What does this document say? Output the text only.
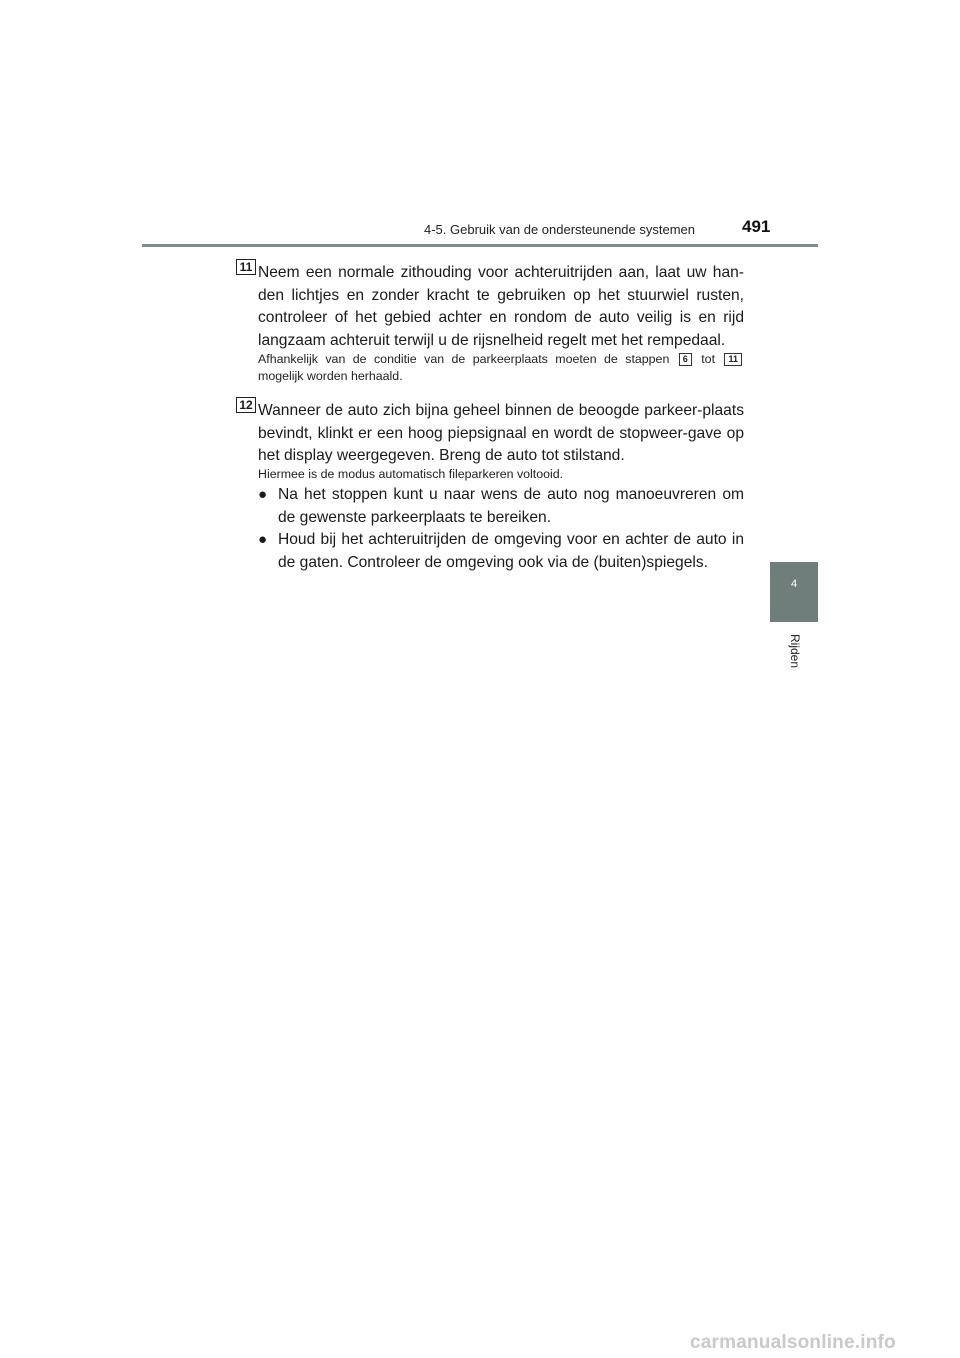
4-5. Gebruik van de ondersteunende systemen	491
4
Rijden
11 Neem een normale zithouding voor achteruitrijden aan, laat uw han-den lichtjes en zonder kracht te gebruiken op het stuurwiel rusten, controleer of het gebied achter en rondom de auto veilig is en rijd langzaam achteruit terwijl u de rijsnelheid regelt met het rempedaal.
Afhankelijk van de conditie van de parkeerplaats moeten de stappen 6 tot 11 mogelijk worden herhaald.
12 Wanneer de auto zich bijna geheel binnen de beoogde parkeer-plaats bevindt, klinkt er een hoog piepsignaal en wordt de stopweer-gave op het display weergegeven. Breng de auto tot stilstand.
Hiermee is de modus automatisch fileparkeren voltooid.
● Na het stoppen kunt u naar wens de auto nog manoeuvreren om de gewenste parkeerplaats te bereiken.
● Houd bij het achteruitrijden de omgeving voor en achter de auto in de gaten. Controleer de omgeving ook via de (buiten)spiegels.
carmanualsonline.info
